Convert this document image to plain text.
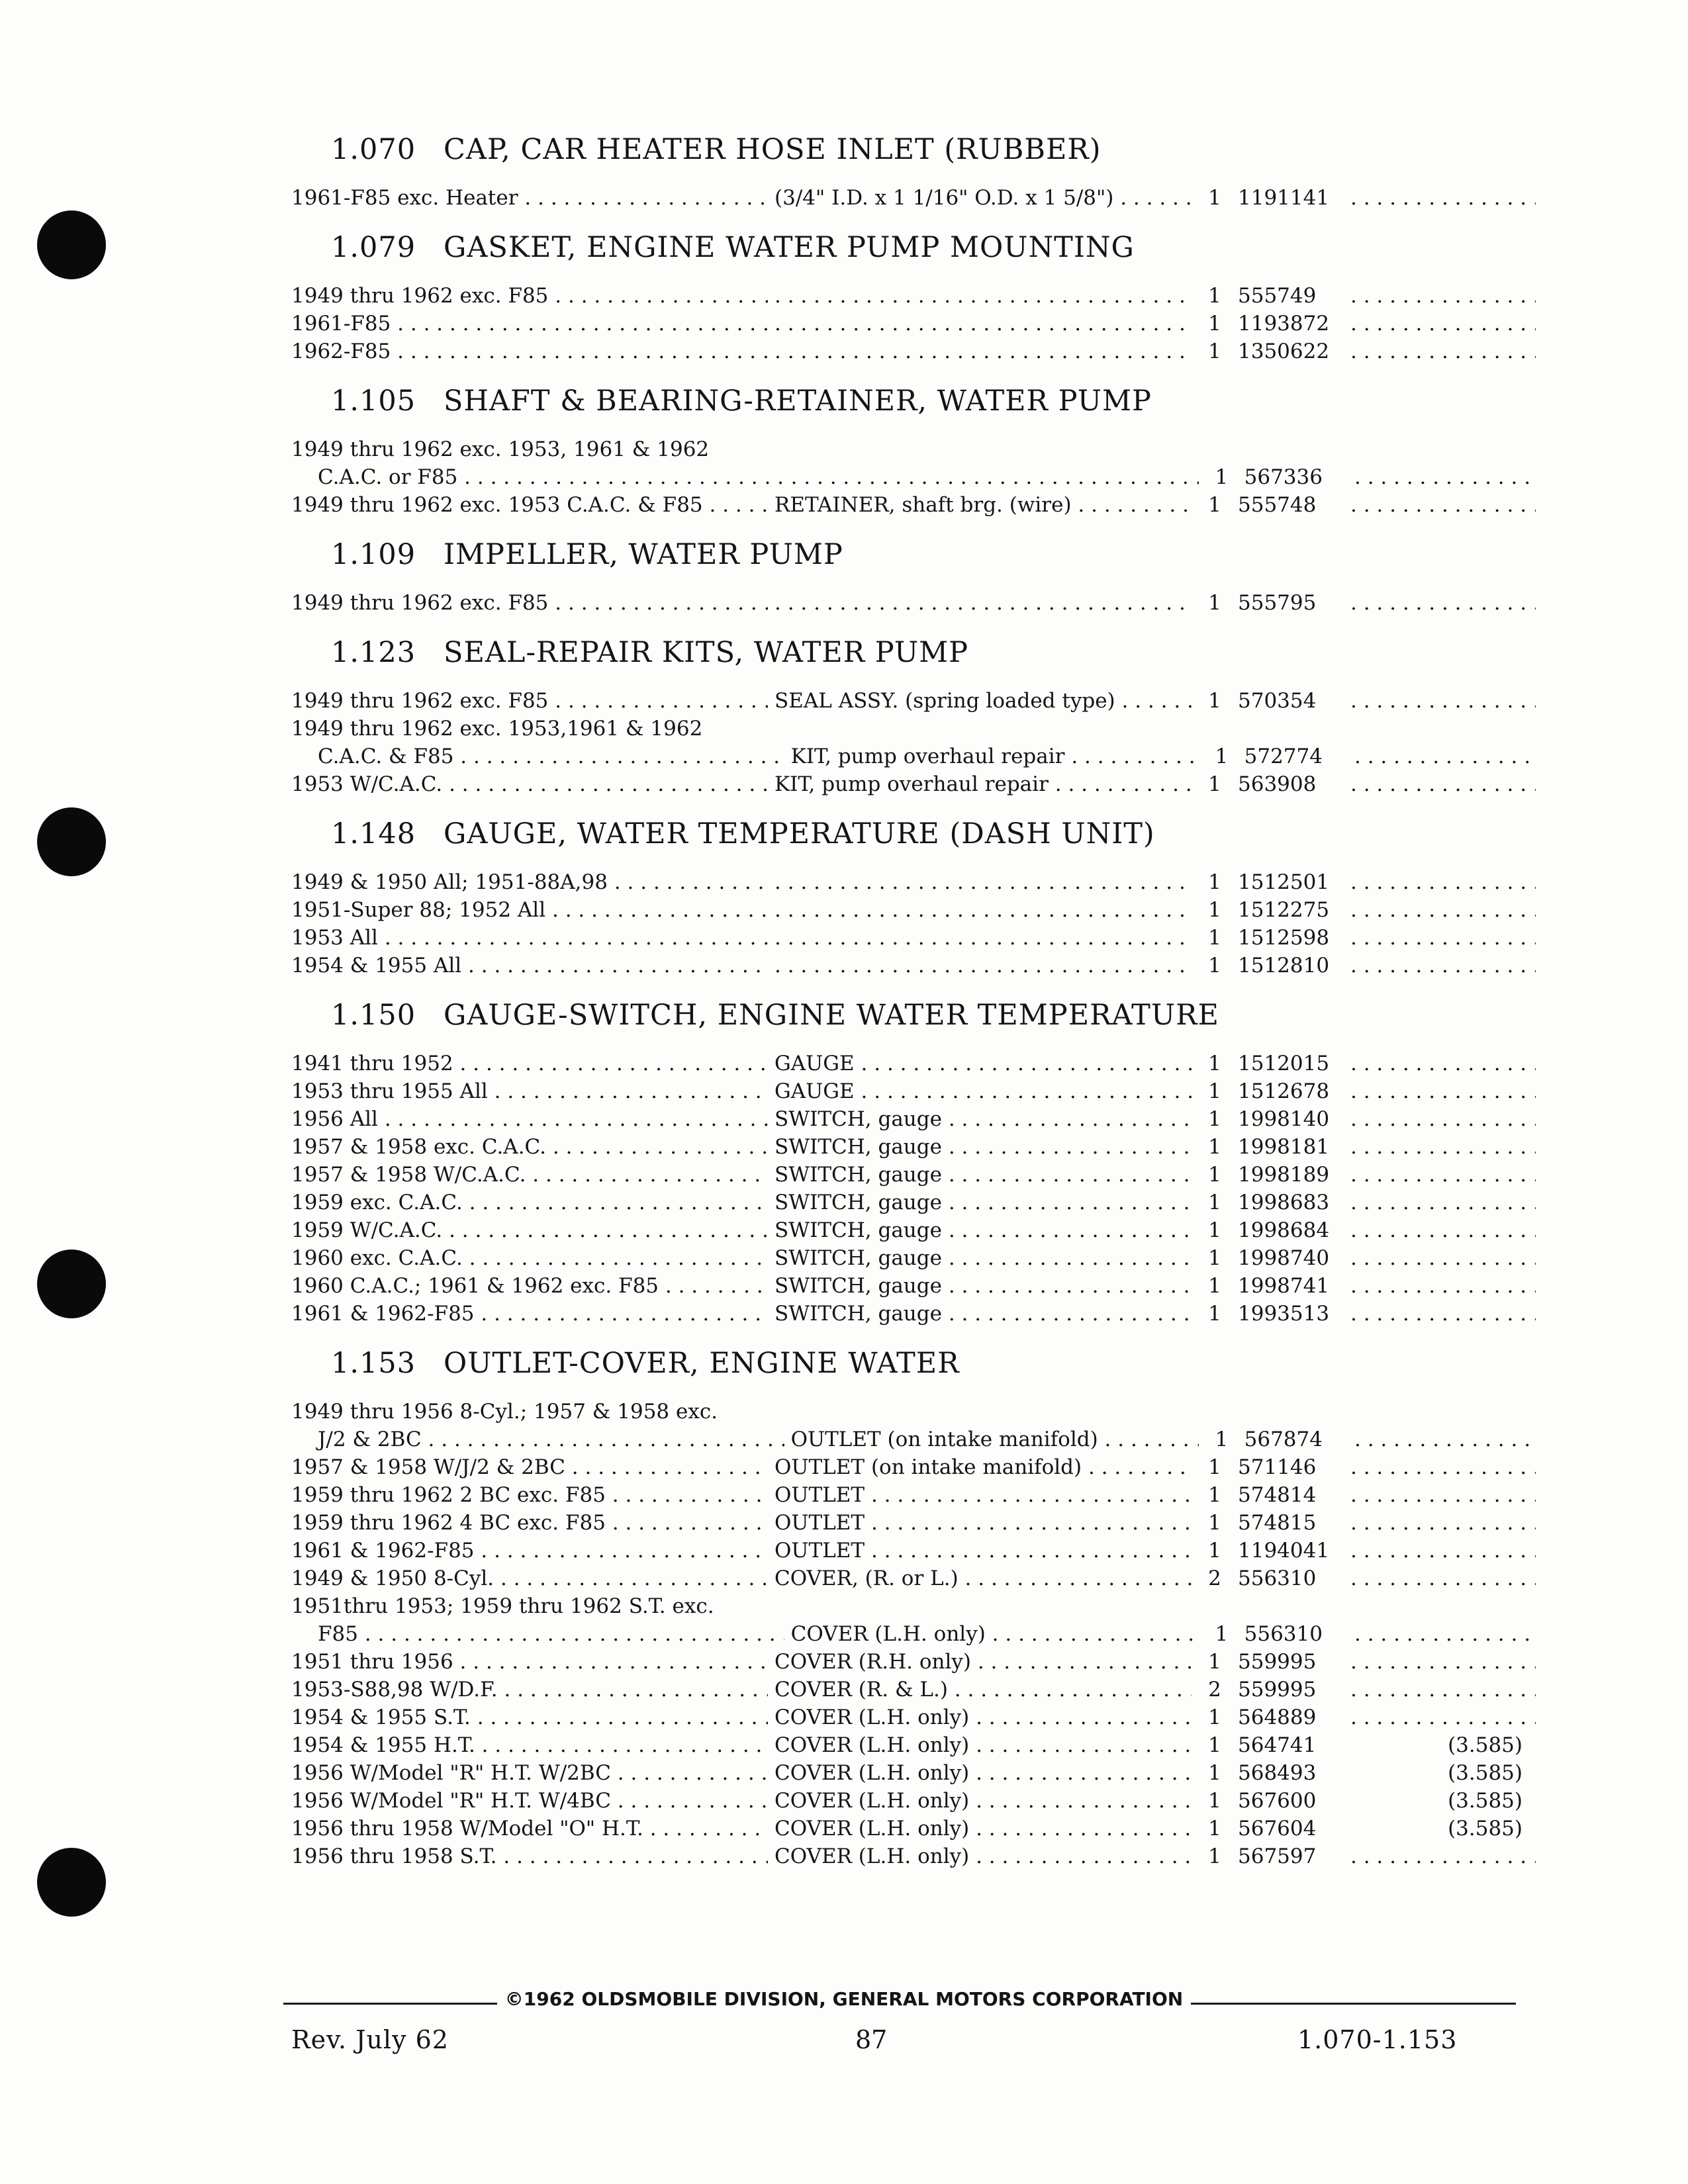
1.070 CAP, CAR HEATER HOSE INLET (RUBBER)
1961-F85 exc. Heater . . .	(3/4" I.D. x 1 1/16" O.D. x 1 5/8") . . .	1 1191141
. . .
1.079 GASKET, ENGINE WATER PUMP MOUNTING
1949 thru 1962 exc. F85 . . . . . .	1 555749
. . .
1961-F85 . . . . . .	1 1193872
. . .
1962-F85 . . . . . .	1 1350622
. . .
1.105 SHAFT & BEARING-RETAINER, WATER PUMP
1949 thru 1962 exc. 1953, 1961 & 1962
C.A.C. or F85 . . . . . .	1 567336
. . .
1949 thru 1962 exc. 1953 C.A.C. & F85 . . .	RETAINER, shaft brg. (wire) . . .	1 555748
. . .
1.109 IMPELLER, WATER PUMP
1949 thru 1962 exc. F85 . . . . . .	1 555795
. . .
1.123 SEAL-REPAIR KITS, WATER PUMP
1949 thru 1962 exc. F85 . . .	SEAL ASSY. (spring loaded type) . . .	1 570354
. . .
1949 thru 1962 exc. 1953,1961 & 1962
C.A.C. & F85 . . .	KIT, pump overhaul repair . . .	1 572774
. . .
1953 W/C.A.C. . . .	KIT, pump overhaul repair . . .	1 563908
. . .
1.148 GAUGE, WATER TEMPERATURE (DASH UNIT)
1949 & 1950 All; 1951-88A,98 . . . . . .	1 1512501
. . .
1951-Super 88; 1952 All . . . . . .	1 1512275
. . .
1953 All . . . . . .	1 1512598
. . .
1954 & 1955 All . . . . . .	1 1512810
. . .
1.150 GAUGE-SWITCH, ENGINE WATER TEMPERATURE
1941 thru 1952 . . .	GAUGE . . .	1 1512015
. . .
1953 thru 1955 All . . .	GAUGE . . .	1 1512678
. . .
1956 All . . .	SWITCH, gauge . . .	1 1998140
. . .
1957 & 1958 exc. C.A.C. . . .	SWITCH, gauge . . .	1 1998181
. . .
1957 & 1958 W/C.A.C. . . .	SWITCH, gauge . . .	1 1998189
. . .
1959 exc. C.A.C. . . .	SWITCH, gauge . . .	1 1998683
. . .
1959 W/C.A.C. . . .	SWITCH, gauge . . .	1 1998684
. . .
1960 exc. C.A.C. . . .	SWITCH, gauge . . .	1 1998740
. . .
1960 C.A.C.; 1961 & 1962 exc. F85 . . .	SWITCH, gauge . . .	1 1998741
. . .
1961 & 1962-F85 . . .	SWITCH, gauge . . .	1 1993513
. . .
1.153 OUTLET-COVER, ENGINE WATER
1949 thru 1956 8-Cyl.; 1957 & 1958 exc.
J/2 & 2BC . . .	OUTLET (on intake manifold) . . .	1 567874
. . .
1957 & 1958 W/J/2 & 2BC . . .	OUTLET (on intake manifold) . . .	1 571146
. . .
1959 thru 1962 2 BC exc. F85 . . .	OUTLET . . .	1 574814
. . .
1959 thru 1962 4 BC exc. F85 . . .	OUTLET . . .	1 574815
. . .
1961 & 1962-F85 . . .	OUTLET . . .	1 1194041
. . .
1949 & 1950 8-Cyl. . . .	COVER, (R. or L.) . . .	2 556310
. . .
1951thru 1953; 1959 thru 1962 S.T. exc.
F85 . . .	COVER (L.H. only) . . .	1 556310
. . .
1951 thru 1956 . . .	COVER (R.H. only) . . .	1 559995
. . .
1953-S88,98 W/D.F. . . .	COVER (R. & L.) . . .	2 559995
. . .
1954 & 1955 S.T. . . .	COVER (L.H. only) . . .	1 564889
. . .
1954 & 1955 H.T. . . .	COVER (L.H. only) . . .	1 564741	(3.585)
1956 W/Model "R" H.T. W/2BC . . .	COVER (L.H. only) . . .	1 568493	(3.585)
1956 W/Model "R" H.T. W/4BC . . .	COVER (L.H. only) . . .	1 567600	(3.585)
1956 thru 1958 W/Model "O" H.T. . . .	COVER (L.H. only) . . .	1 567604	(3.585)
1956 thru 1958 S.T. . . .	COVER (L.H. only) . . .	1 567597
. . .
©1962 OLDSMOBILE DIVISION, GENERAL MOTORS CORPORATION
Rev. July 62	87	1.070-1.153
